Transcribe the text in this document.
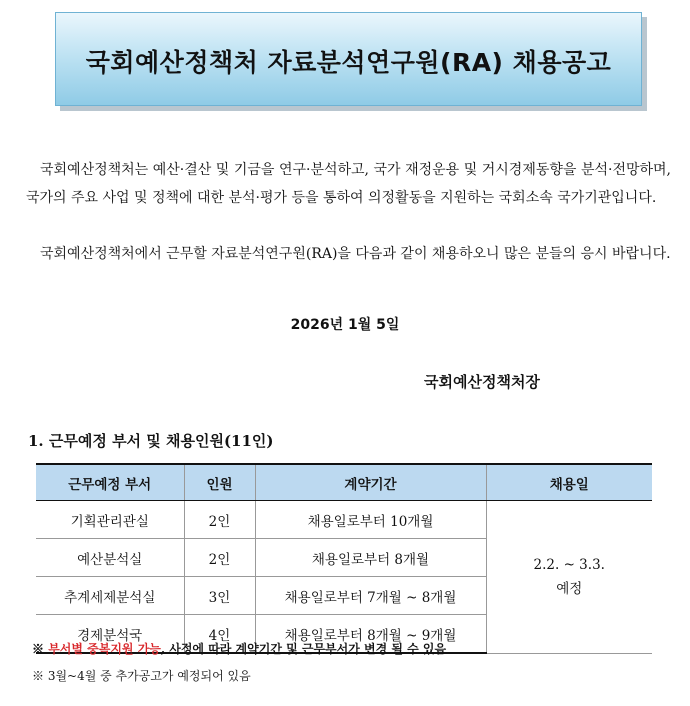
국회예산정책처 자료분석연구원(RA) 채용공고

국회예산정책처는 예산·결산 및 기금을 연구·분석하고, 국가 재정운용 및 거시경제동향을 분석·전망하며, 국가의 주요 사업 및 정책에 대한 분석·평가 등을 통하여 의정활동을 지원하는 국회소속 국가기관입니다.

국회예산정책처에서 근무할 자료분석연구원(RA)을 다음과 같이 채용하오니 많은 분들의 응시 바랍니다.

2026년 1월 5일
국회예산정책처장
1. 근무예정 부서 및 채용인원(11인)
근무예정 부서	인원	계약기간	채용일
기획관리관실	2인	채용일로부터 10개월	2.2. ~ 3.3.
예정

예산분석실	2인	채용일로부터 8개월	
추계세제분석실	3인	채용일로부터 7개월 ~ 8개월	
경제분석국	4인	채용일로부터 8개월 ~ 9개월	
※ 부서별 중복지원 가능, 사정에 따라 계약기간 및 근무부서가 변경 될 수 있음
※ 3월~4월 중 추가공고가 예정되어 있음
